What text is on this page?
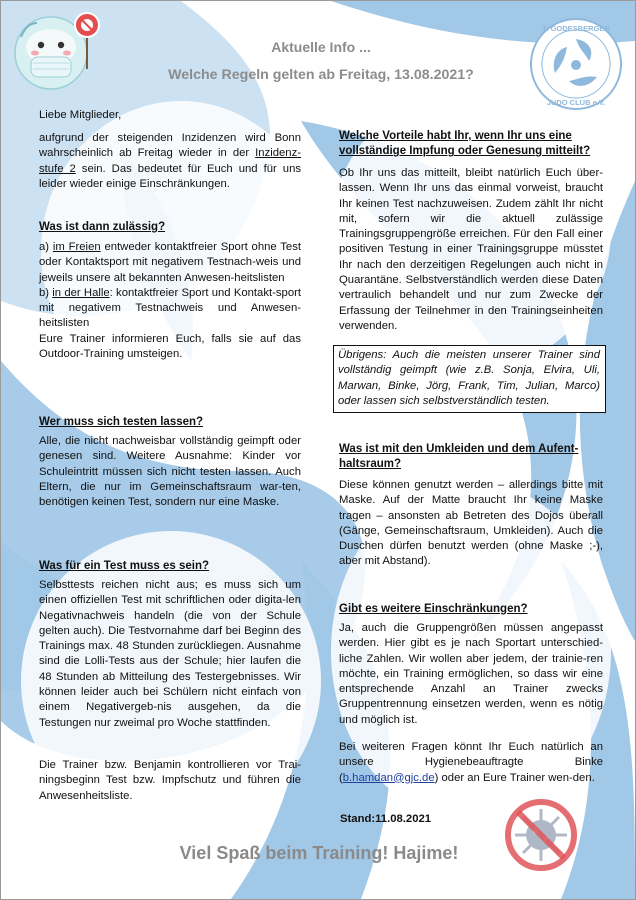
1. GODESBERGER
JUDO CLUB e.V.
Aktuelle Info ...
Welche Regeln gelten ab Freitag, 13.08.2021?
Liebe Mitglieder,
aufgrund der steigenden Inzidenzen wird Bonn wahrscheinlich ab Freitag wieder in der Inzidenz-stufe 2 sein. Das bedeutet für Euch und für uns leider wieder einige Einschränkungen.
Was ist dann zulässig?
a) im Freien entweder kontaktfreier Sport ohne Test oder Kontaktsport mit negativem Testnach-weis und jeweils unsere alt bekannten Anwesen-heitslisten
b) in der Halle: kontaktfreier Sport und Kontakt-sport mit negativem Testnachweis und Anwesen-heitslisten
Eure Trainer informieren Euch, falls sie auf das Outdoor-Training umsteigen.
Wer muss sich testen lassen?
Alle, die nicht nachweisbar vollständig geimpft oder genesen sind. Weitere Ausnahme: Kinder vor Schuleintritt müssen sich nicht testen lassen. Auch Eltern, die nur im Gemeinschaftsraum war-ten, benötigen keinen Test, sondern nur eine Maske.
Was für ein Test muss es sein?
Selbsttests reichen nicht aus; es muss sich um einen offiziellen Test mit schriftlichen oder digita-len Negativnachweis handeln (die von der Schule gelten auch). Die Testvornahme darf bei Beginn des Trainings max. 48 Stunden zurückliegen. Ausnahme sind die Lolli-Tests aus der Schule; hier laufen die 48 Stunden ab Mitteilung des Testergebnisses. Wir können leider auch bei Schülern nicht einfach von einem Negativergeb-nis ausgehen, da die Testungen nur zweimal pro Woche stattfinden.
Die Trainer bzw. Benjamin kontrollieren vor Trai-ningsbeginn Test bzw. Impfschutz und führen die Anwesenheitsliste.
Welche Vorteile habt Ihr, wenn Ihr uns eine vollständige Impfung oder Genesung mitteilt?
Ob Ihr uns das mitteilt, bleibt natürlich Euch über-lassen. Wenn Ihr uns das einmal vorweist, braucht Ihr keinen Test nachzuweisen. Zudem zählt Ihr nicht mit, sofern wir die aktuell zulässige Trainingsgruppengröße erreichen. Für den Fall einer positiven Testung in einer Trainingsgruppe müsstet Ihr nach den derzeitigen Regelungen auch nicht in Quarantäne. Selbstverständlich werden diese Daten vertraulich behandelt und nur zum Zwecke der Erfassung der Teilnehmer in den Trainingseinheiten verwenden.
Übrigens: Auch die meisten unserer Trainer sind vollständig geimpft (wie z.B. Sonja, Elvira, Uli, Marwan, Binke, Jörg, Frank, Tim, Julian, Marco) oder lassen sich selbstverständlich testen.
Was ist mit den Umkleiden und dem Aufent-haltsraum?
Diese können genutzt werden – allerdings bitte mit Maske. Auf der Matte braucht Ihr keine Maske tragen – ansonsten ab Betreten des Dojos überall (Gänge, Gemeinschaftsraum, Umkleiden). Auch die Duschen dürfen benutzt werden (ohne Maske ;-), aber mit Abstand).
Gibt es weitere Einschränkungen?
Ja, auch die Gruppengrößen müssen angepasst werden. Hier gibt es je nach Sportart unterschied-liche Zahlen. Wir wollen aber jedem, der trainie-ren möchte, ein Training ermöglichen, so dass wir eine entsprechende Anzahl an Trainer zwecks Gruppentrennung einsetzen werden, wenn es nötig und möglich ist.
Bei weiteren Fragen könnt Ihr Euch natürlich an unsere Hygienebeauftragte Binke (b.hamdan@gjc.de) oder an Eure Trainer wen-den.
Stand:11.08.2021
Viel Spaß beim Training! Hajime!
